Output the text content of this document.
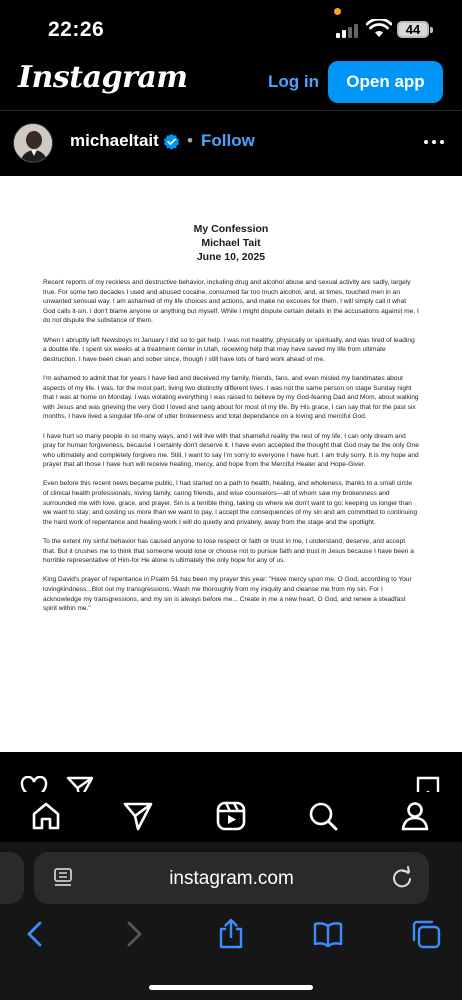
22:26	44
Instagram	Log in	Open app
michaeltait • Follow
My Confession
Michael Tait
June 10, 2025

Recent reports of my reckless and destructive behavior, including drug and alcohol abuse and sexual activity are sadly, largely true. For some two decades I used and abused cocaine, consumed far too much alcohol, and, at times, touched men in an unwanted sensual way. I am ashamed of my life choices and actions, and make no excuses for them. I will simply call it what God calls it-sin. I don't blame anyone or anything but myself. While I might dispute certain details in the accusations against me, I do not dispute the substance of them.

When I abruptly left Newsboys in January I did so to get help. I was not healthy, physically or spiritually, and was tired of leading a double life. I spent six weeks at a treatment center in Utah, receiving help that may have saved my life from ultimate destruction. I have been clean and sober since, though I still have lots of hard work ahead of me.

I'm ashamed to admit that for years I have lied and deceived my family, friends, fans, and even misled my bandmates about aspects of my life. I was, for the most part, living two distinctly different lives. I was not the same person on stage Sunday night that I was at home on Monday. I was violating everything I was raised to believe by my God-fearing Dad and Mom, about walking with Jesus and was grieving the very God I loved and sang about for most of my life. By His grace, I can say that for the past six months, I have lived a singular life-one of utter brokenness and total dependance on a loving and merciful God.

I have hurt so many people in so many ways, and I will live with that shameful reality the rest of my life. I can only dream and pray for human forgiveness, because I certainly don't deserve it. I have even accepted the thought that God may be the only One who ultimately and completely forgives me. Still, I want to say I'm sorry to everyone I have hurt. I am truly sorry. It is my hope and prayer that all those I have hurt will receive healing, mercy, and hope from the Merciful Healer and Hope-Giver.

Even before this recent news became public, I had started on a path to health, healing, and wholeness, thanks to a small circle of clinical health professionals, loving family, caring friends, and wise counselors—all of whom saw my brokenness and surrounded me with love, grace, and prayer. Sin is a terrible thing, taking us where we don't want to go; keeping us longer than we want to stay; and costing us more than we want to pay. I accept the consequences of my sin and am committed to continuing the hard work of repentance and healing-work I will do quietly and privately, away from the stage and the spotlight.

To the extent my sinful behavior has caused anyone to lose respect or faith or trust in me, I understand, deserve, and accept that. But it crushes me to think that someone would lose or choose not to pursue faith and trust in Jesus because I have been a horrible representative of Him-for He alone is ultimately the only hope for any of us.

King David's prayer of repentance in Psalm 51 has been my prayer this year: "Have mercy upon me, O God, according to Your lovingkindness...Blot out my transgressions. Wash me thoroughly from my iniquity and cleanse me from my sin. For I acknowledge my transgressions, and my sin is always before me... Create in me a new heart, O God, and renew a steadfast spirit within me."

instagram.com
